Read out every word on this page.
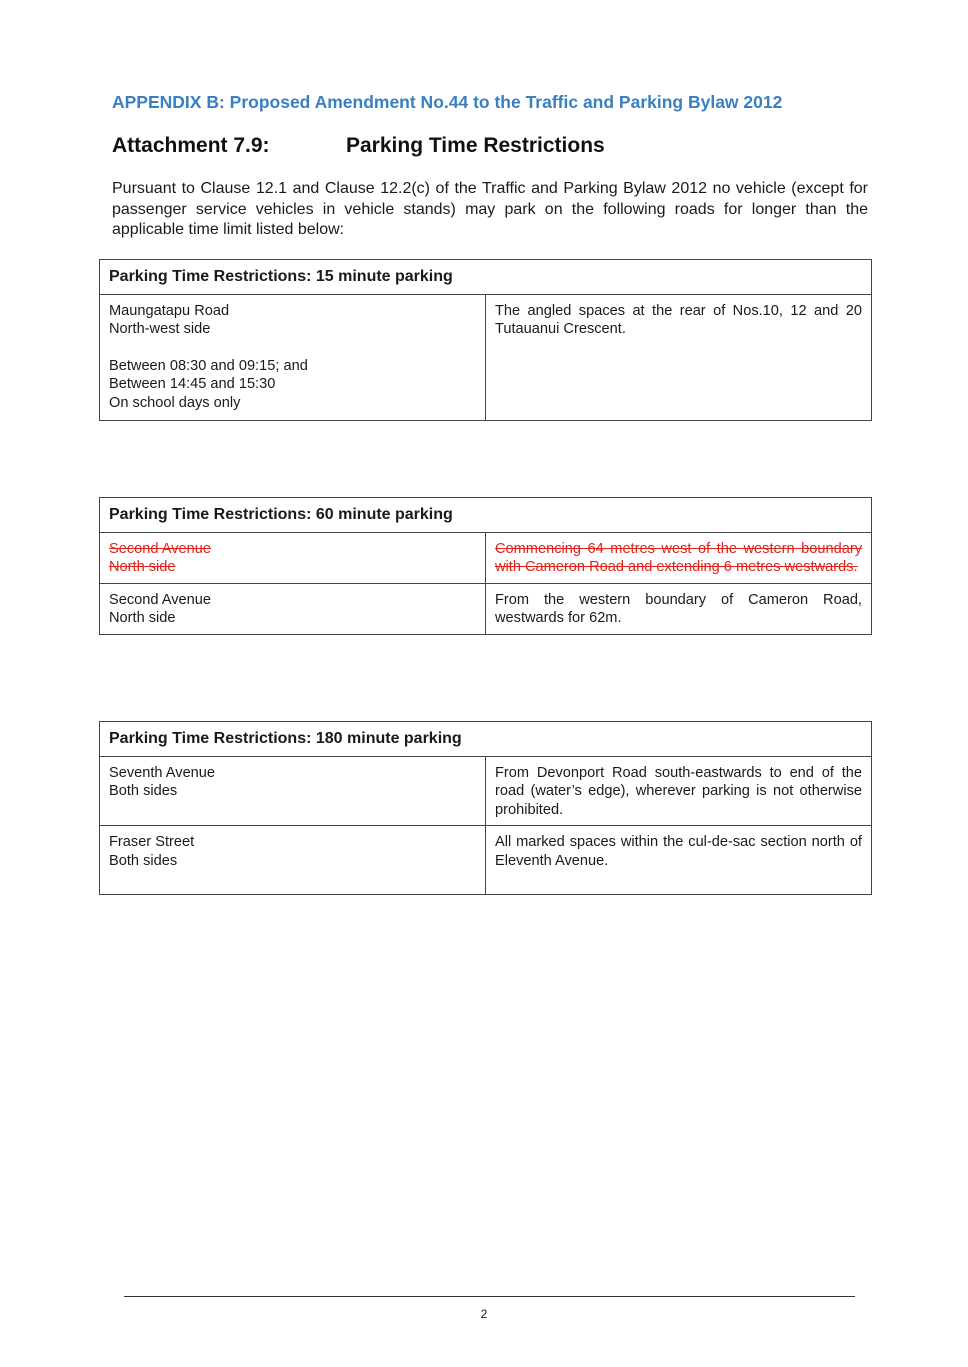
APPENDIX B: Proposed Amendment No.44 to the Traffic and Parking Bylaw 2012
Attachment 7.9:	Parking Time Restrictions
Pursuant to Clause 12.1 and Clause 12.2(c) of the Traffic and Parking Bylaw 2012 no vehicle (except for passenger service vehicles in vehicle stands) may park on the following roads for longer than the applicable time limit listed below:
Parking Time Restrictions: 15 minute parking

Maungatapu Road
North-west side
Between 08:30 and 09:15; and
Between 14:45 and 15:30
On school days only
	The angled spaces at the rear of Nos.10, 12 and 20 Tutauanui Crescent.
Parking Time Restrictions: 60 minute parking	

Second Avenue
North side	Commencing 64 metres west of the western boundary with Cameron Road and extending 6 metres westwards.

Second Avenue
North side	From the western boundary of Cameron Road, westwards for 62m.
Parking Time Restrictions: 180 minute parking	

Seventh Avenue
Both sides	From Devonport Road south-eastwards to end of the road (water’s edge), wherever parking is not otherwise prohibited.

Fraser Street
Both sides	All marked spaces within the cul-de-sac section north of Eleventh Avenue.
2
